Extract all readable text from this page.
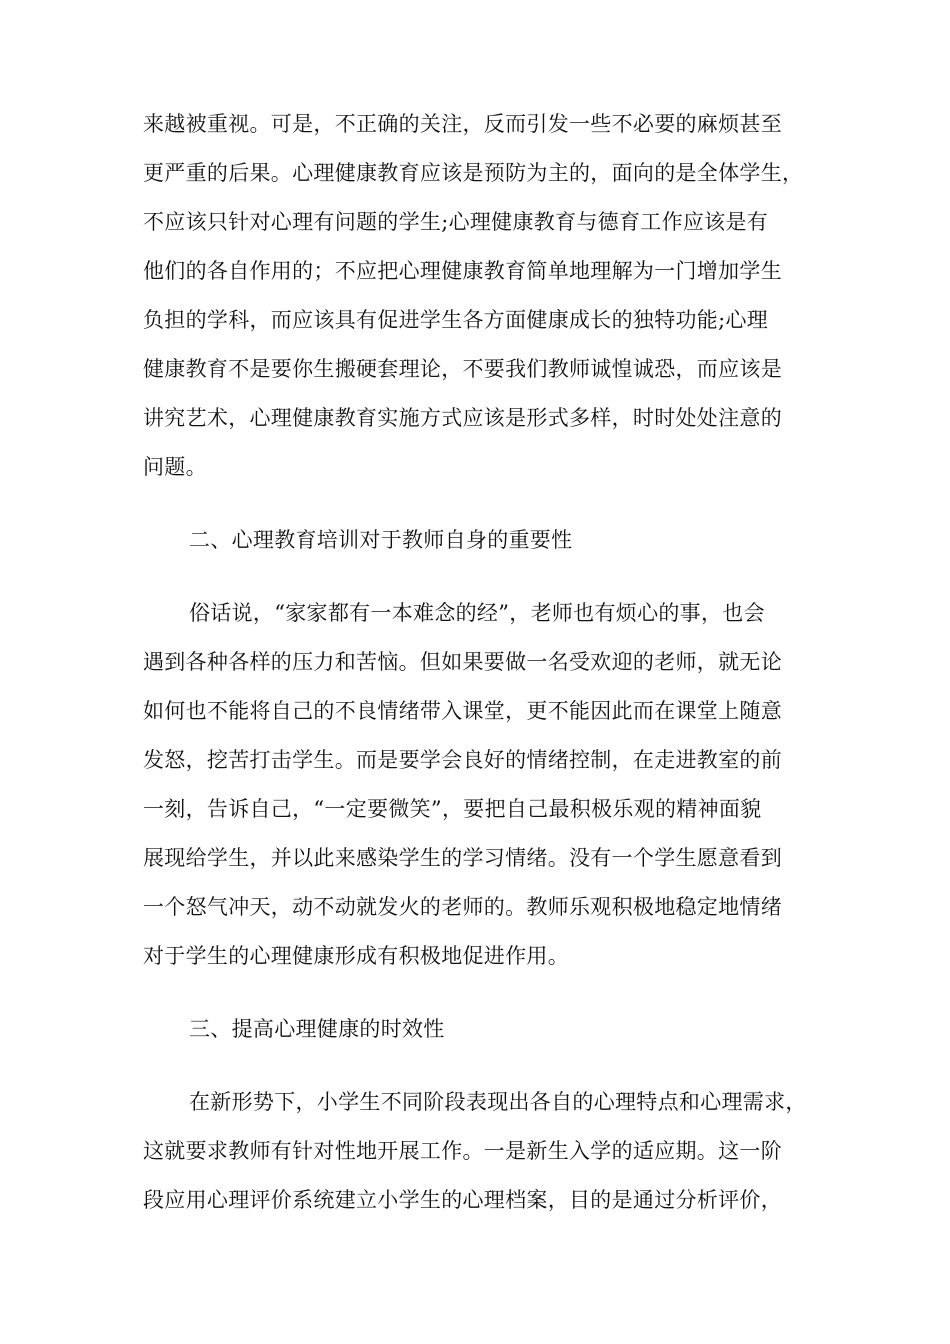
来越被重视。可是，不正确的关注，反而引发一些不必要的麻烦甚至
更严重的后果。心理健康教育应该是预防为主的，面向的是全体学生，
不应该只针对心理有问题的学生;心理健康教育与德育工作应该是有
他们的各自作用的；不应把心理健康教育简单地理解为一门增加学生
负担的学科，而应该具有促进学生各方面健康成长的独特功能;心理
健康教育不是要你生搬硬套理论，不要我们教师诚惶诚恐，而应该是
讲究艺术，心理健康教育实施方式应该是形式多样，时时处处注意的
问题。
二、心理教育培训对于教师自身的重要性
俗话说，“家家都有一本难念的经”，老师也有烦心的事，也会
遇到各种各样的压力和苦恼。但如果要做一名受欢迎的老师，就无论
如何也不能将自己的不良情绪带入课堂，更不能因此而在课堂上随意
发怒，挖苦打击学生。而是要学会良好的情绪控制，在走进教室的前
一刻，告诉自己，“一定要微笑”，要把自己最积极乐观的精神面貌
展现给学生，并以此来感染学生的学习情绪。没有一个学生愿意看到
一个怒气冲天，动不动就发火的老师的。教师乐观积极地稳定地情绪
对于学生的心理健康形成有积极地促进作用。
三、提高心理健康的时效性
在新形势下，小学生不同阶段表现出各自的心理特点和心理需求，
这就要求教师有针对性地开展工作。一是新生入学的适应期。这一阶
段应用心理评价系统建立小学生的心理档案，目的是通过分析评价，
